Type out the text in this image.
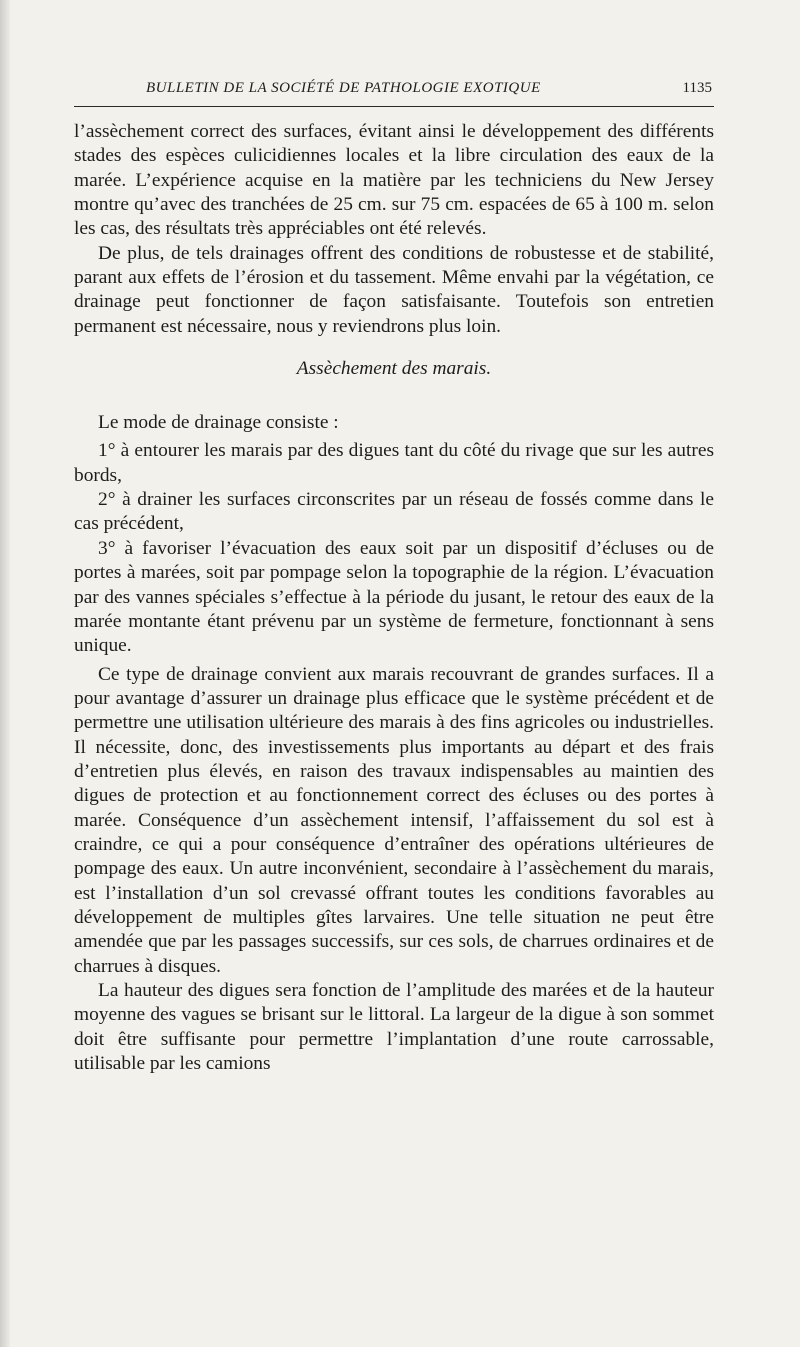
BULLETIN DE LA SOCIÉTÉ DE PATHOLOGIE EXOTIQUE	1135

l’assèchement correct des surfaces, évitant ainsi le développement des différents stades des espèces culicidiennes locales et la libre circulation des eaux de la marée. L’expérience acquise en la matière par les techniciens du New Jersey montre qu’avec des tranchées de 25 cm. sur 75 cm. espacées de 65 à 100 m. selon les cas, des résultats très appréciables ont été relevés.

De plus, de tels drainages offrent des conditions de robustesse et de stabilité, parant aux effets de l’érosion et du tassement. Même envahi par la végétation, ce drainage peut fonctionner de façon satisfaisante. Toutefois son entretien permanent est nécessaire, nous y reviendrons plus loin.

Assèchement des marais.

Le mode de drainage consiste :

1° à entourer les marais par des digues tant du côté du rivage que sur les autres bords,

2° à drainer les surfaces circonscrites par un réseau de fossés comme dans le cas précédent,

3° à favoriser l’évacuation des eaux soit par un dispositif d’écluses ou de portes à marées, soit par pompage selon la topographie de la région. L’évacuation par des vannes spéciales s’effectue à la période du jusant, le retour des eaux de la marée montante étant prévenu par un système de fermeture, fonctionnant à sens unique.

Ce type de drainage convient aux marais recouvrant de grandes surfaces. Il a pour avantage d’assurer un drainage plus efficace que le système précédent et de permettre une utilisation ultérieure des marais à des fins agricoles ou industrielles. Il nécessite, donc, des investissements plus importants au départ et des frais d’entretien plus élevés, en raison des travaux indispensables au maintien des digues de protection et au fonctionnement correct des écluses ou des portes à marée. Conséquence d’un assèchement intensif, l’affaissement du sol est à craindre, ce qui a pour conséquence d’entraîner des opérations ultérieures de pompage des eaux. Un autre inconvénient, secondaire à l’assèchement du marais, est l’installation d’un sol crevassé offrant toutes les conditions favorables au développement de multiples gîtes larvaires. Une telle situation ne peut être amendée que par les passages successifs, sur ces sols, de charrues ordinaires et de charrues à disques.

La hauteur des digues sera fonction de l’amplitude des marées et de la hauteur moyenne des vagues se brisant sur le littoral. La largeur de la digue à son sommet doit être suffisante pour permettre l’implantation d’une route carrossable, utilisable par les camions
